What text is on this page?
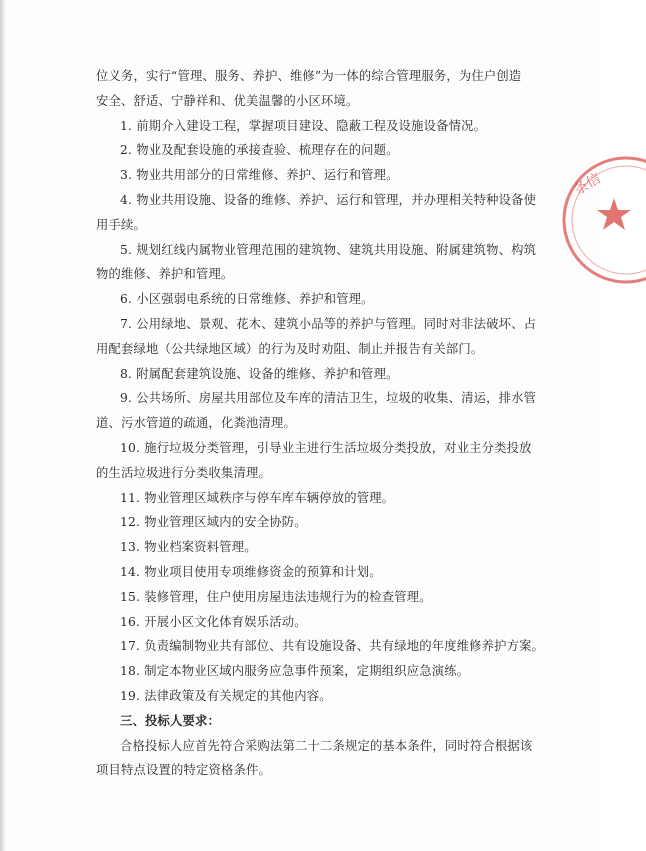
位义务，实行“管理、服务、养护、维修”为一体的综合管理服务，为住户创造
安全、舒适、宁静祥和、优美温馨的小区环境。
1. 前期介入建设工程，掌握项目建设、隐蔽工程及设施设备情况。
2. 物业及配套设施的承接查验、梳理存在的问题。
3. 物业共用部分的日常维修、养护、运行和管理。
4. 物业共用设施、设备的维修、养护、运行和管理，并办理相关特种设备使
用手续。
5. 规划红线内属物业管理范围的建筑物、建筑共用设施、附属建筑物、构筑
物的维修、养护和管理。
6. 小区强弱电系统的日常维修、养护和管理。
7. 公用绿地、景观、花木、建筑小品等的养护与管理。同时对非法破坏、占
用配套绿地（公共绿地区域）的行为及时劝阻、制止并报告有关部门。
8. 附属配套建筑设施、设备的维修、养护和管理。
9. 公共场所、房屋共用部位及车库的清洁卫生，垃圾的收集、清运，排水管
道、污水管道的疏通，化粪池清理。
10. 施行垃圾分类管理，引导业主进行生活垃圾分类投放，对业主分类投放
的生活垃圾进行分类收集清理。
11. 物业管理区域秩序与停车库车辆停放的管理。
12. 物业管理区域内的安全协防。
13. 物业档案资料管理。
14. 物业项目使用专项维修资金的预算和计划。
15. 装修管理，住户使用房屋违法违规行为的检查管理。
16. 开展小区文化体育娱乐活动。
17. 负责编制物业共有部位、共有设施设备、共有绿地的年度维修养护方案。
18. 制定本物业区域内服务应急事件预案，定期组织应急演练。
19. 法律政策及有关规定的其他内容。
三、投标人要求：
合格投标人应首先符合采购法第二十二条规定的基本条件，同时符合根据该
项目特点设置的特定资格条件。
条信
